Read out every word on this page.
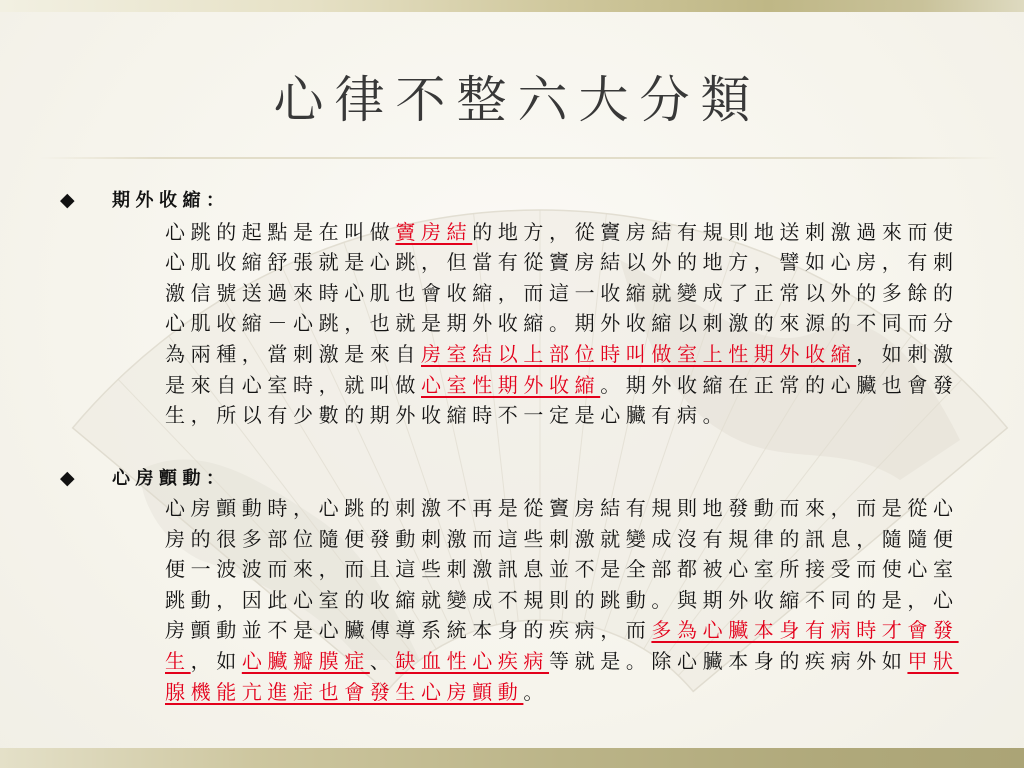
心律不整六大分類
◆	期外收縮：
心跳的起點是在叫做竇房結的地方，從竇房結有規則地送刺激過來而使
心肌收縮舒張就是心跳，但當有從竇房結以外的地方，譬如心房，有刺
激信號送過來時心肌也會收縮，而這一收縮就變成了正常以外的多餘的
心肌收縮－心跳，也就是期外收縮。期外收縮以刺激的來源的不同而分
為兩種，當刺激是來自房室結以上部位時叫做室上性期外收縮，如刺激
是來自心室時，就叫做心室性期外收縮。期外收縮在正常的心臟也會發
生，所以有少數的期外收縮時不一定是心臟有病。
◆	心房顫動：
心房顫動時，心跳的刺激不再是從竇房結有規則地發動而來，而是從心
房的很多部位隨便發動刺激而這些刺激就變成沒有規律的訊息，隨隨便
便一波波而來，而且這些刺激訊息並不是全部都被心室所接受而使心室
跳動，因此心室的收縮就變成不規則的跳動。與期外收縮不同的是，心
房顫動並不是心臟傳導系統本身的疾病，而多為心臟本身有病時才會發
生，如心臟瓣膜症、缺血性心疾病等就是。除心臟本身的疾病外如甲狀
腺機能亢進症也會發生心房顫動。
